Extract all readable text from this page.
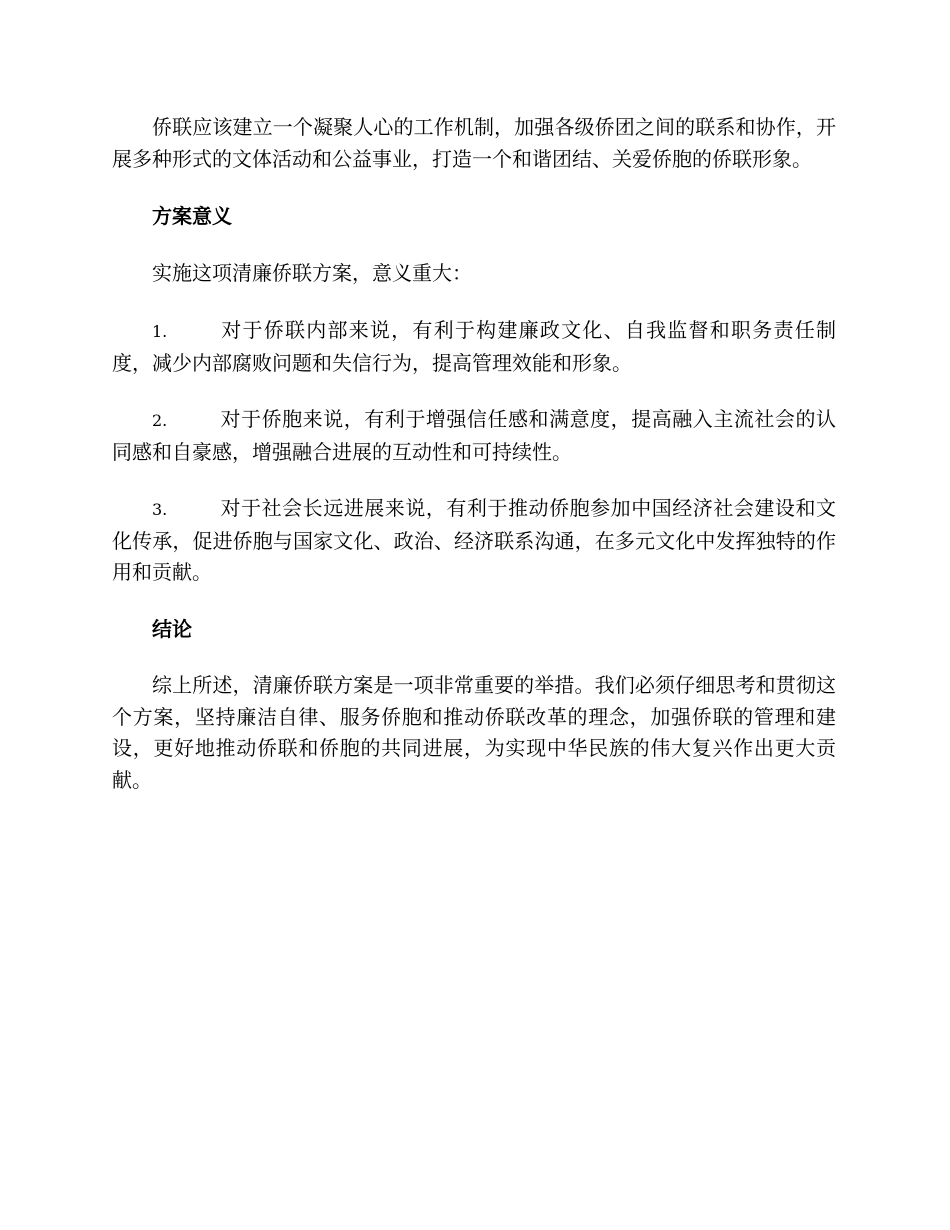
侨联应该建立一个凝聚人心的工作机制，加强各级侨团之间的联系和协作，开展多种形式的文体活动和公益事业，打造一个和谐团结、关爱侨胞的侨联形象。

方案意义

实施这项清廉侨联方案，意义重大：

1.	对于侨联内部来说，有利于构建廉政文化、自我监督和职务责任制度，减少内部腐败问题和失信行为，提高管理效能和形象。

2.	对于侨胞来说，有利于增强信任感和满意度，提高融入主流社会的认同感和自豪感，增强融合进展的互动性和可持续性。

3.	对于社会长远进展来说，有利于推动侨胞参加中国经济社会建设和文化传承，促进侨胞与国家文化、政治、经济联系沟通，在多元文化中发挥独特的作用和贡献。

结论

综上所述，清廉侨联方案是一项非常重要的举措。我们必须仔细思考和贯彻这个方案，坚持廉洁自律、服务侨胞和推动侨联改革的理念，加强侨联的管理和建设，更好地推动侨联和侨胞的共同进展，为实现中华民族的伟大复兴作出更大贡献。
